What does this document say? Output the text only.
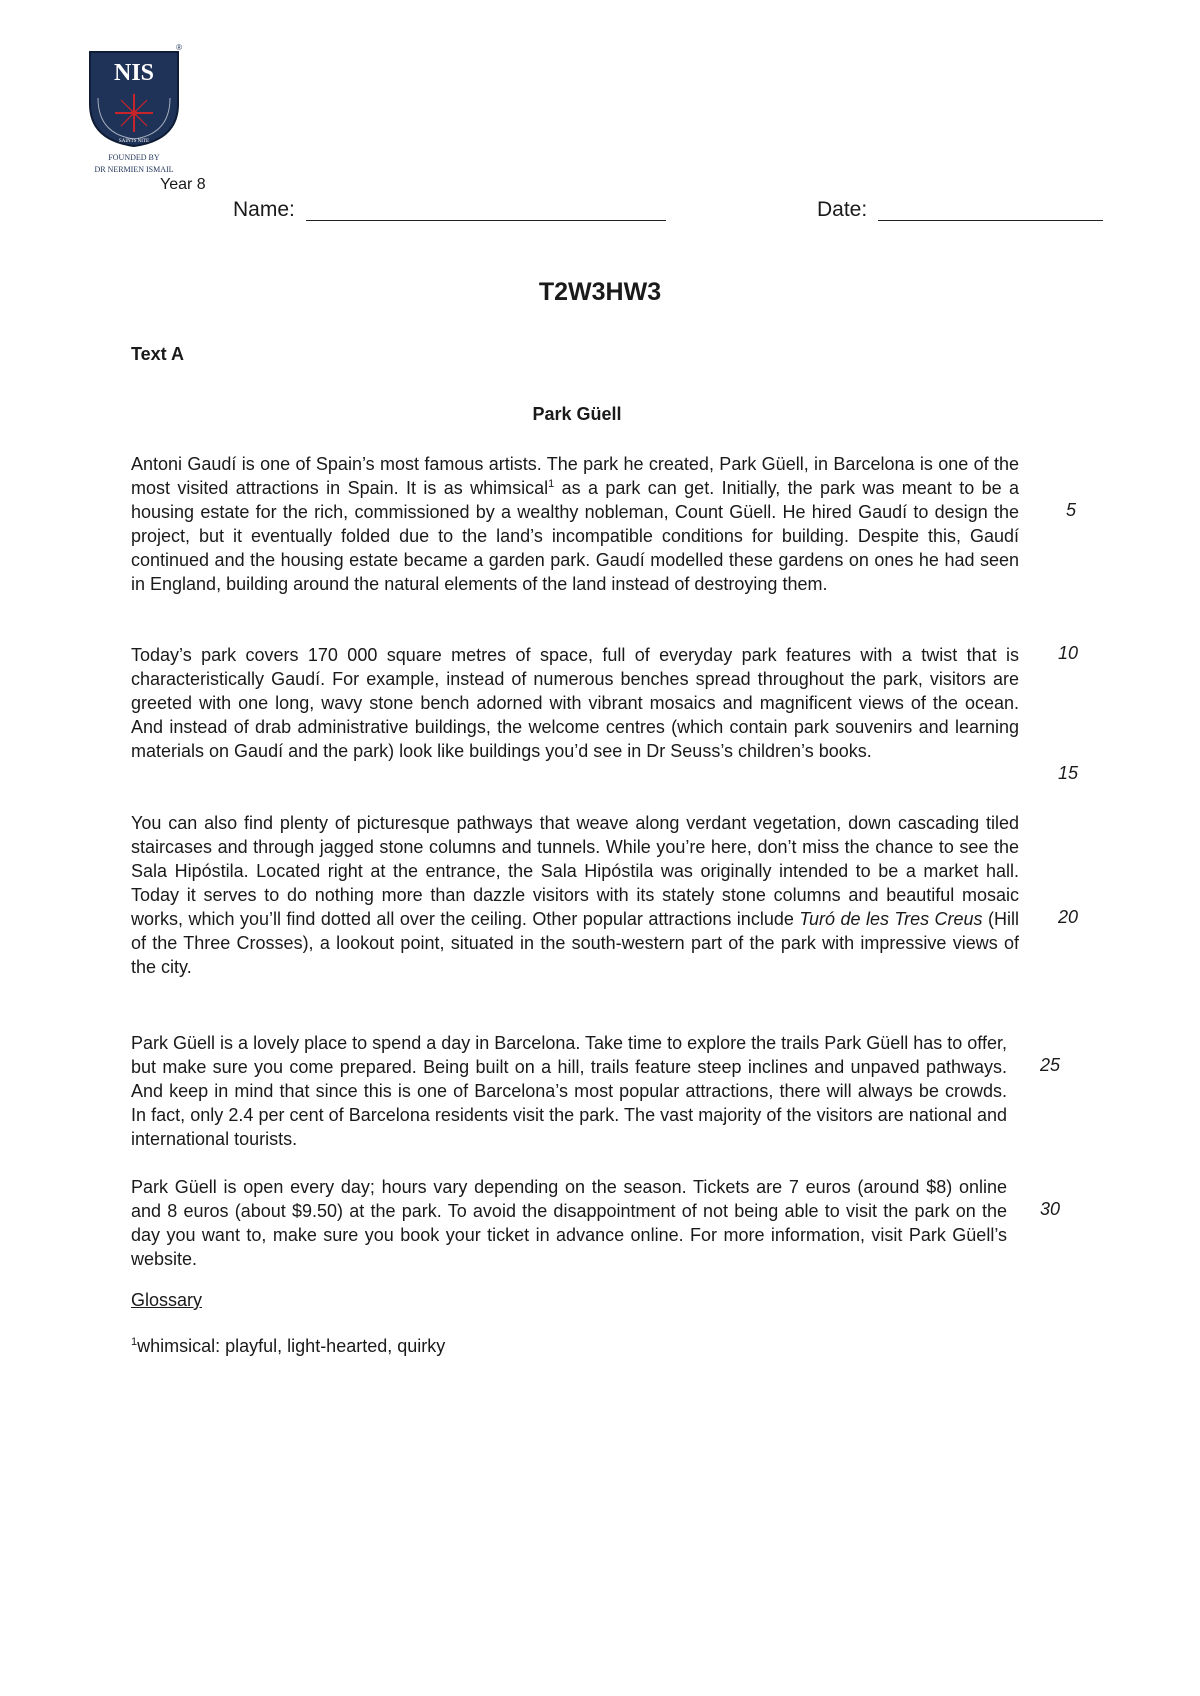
NIS
SAINTS NITE
®
FOUNDED BY
DR NERMIEN ISMAIL
Year 8
Name:	Date:
T2W3HW3
Text A
Park Güell
Antoni Gaudí is one of Spain’s most famous artists. The park he created, Park Güell, in Barcelona is one of the most visited attractions in Spain. It is as whimsical$^1$ as a park can get. Initially, the park was meant to be a housing estate for the rich, commissioned by a wealthy nobleman, Count Güell. He hired Gaudí to design the project, but it eventually folded due to the land’s incompatible conditions for building. Despite this, Gaudí continued and the housing estate became a garden park. Gaudí modelled these gardens on ones he had seen in England, building around the natural elements of the land instead of destroying them.
Today’s park covers 170 000 square metres of space, full of everyday park features with a twist that is characteristically Gaudí. For example, instead of numerous benches spread throughout the park, visitors are greeted with one long, wavy stone bench adorned with vibrant mosaics and magnificent views of the ocean. And instead of drab administrative buildings, the welcome centres (which contain park souvenirs and learning materials on Gaudí and the park) look like buildings you’d see in Dr Seuss’s children’s books.
You can also find plenty of picturesque pathways that weave along verdant vegetation, down cascading tiled staircases and through jagged stone columns and tunnels. While you’re here, don’t miss the chance to see the Sala Hipóstila. Located right at the entrance, the Sala Hipóstila was originally intended to be a market hall. Today it serves to do nothing more than dazzle visitors with its stately stone columns and beautiful mosaic works, which you’ll find dotted all over the ceiling. Other popular attractions include Turó de les Tres Creus (Hill of the Three Crosses), a lookout point, situated in the south-western part of the park with impressive views of the city.
Park Güell is a lovely place to spend a day in Barcelona. Take time to explore the trails Park Güell has to offer, but make sure you come prepared. Being built on a hill, trails feature steep inclines and unpaved pathways. And keep in mind that since this is one of Barcelona’s most popular attractions, there will always be crowds. In fact, only 2.4 per cent of Barcelona residents visit the park. The vast majority of the visitors are national and international tourists.
Park Güell is open every day; hours vary depending on the season. Tickets are 7 euros (around $8) online and 8 euros (about $9.50) at the park. To avoid the disappointment of not being able to visit the park on the day you want to, make sure you book your ticket in advance online. For more information, visit Park Güell’s website.
5
10
15
20
25
30
Glossary
$^1$whimsical: playful, light-hearted, quirky
